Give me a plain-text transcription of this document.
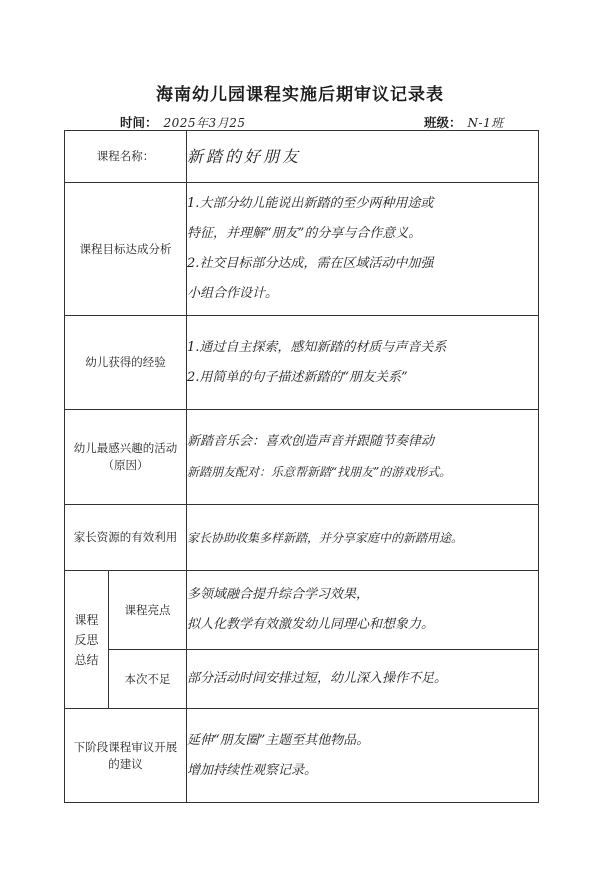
海南幼儿园课程实施后期审议记录表
时间： 2025年3月25	班级： N-1班
课程名称：		新踏的好朋友

课程目标达成分析		1.大部分幼儿能说出新踏的至少两种用途或
特征，并理解“朋友”的分享与合作意义。
2.社交目标部分达成，需在区域活动中加强
小组合作设计。

幼儿获得的经验		1.通过自主探索，感知新踏的材质与声音关系
2.用简单的句子描述新踏的“朋友关系”

幼儿最感兴趣的活动
（原因）		新踏音乐会：喜欢创造声音并跟随节奏律动
新踏朋友配对：乐意帮新踏“找朋友”的游戏形式。

家长资源的有效利用		家长协助收集多样新踏，并分享家庭中的新踏用途。

课程反思总结	课程亮点	多领域融合提升综合学习效果，
拟人化教学有效激发幼儿同理心和想象力。

	本次不足	部分活动时间安排过短，幼儿深入操作不足。

下阶段课程审议开展
的建议		延伸“朋友圈”主题至其他物品。
增加持续性观察记录。
